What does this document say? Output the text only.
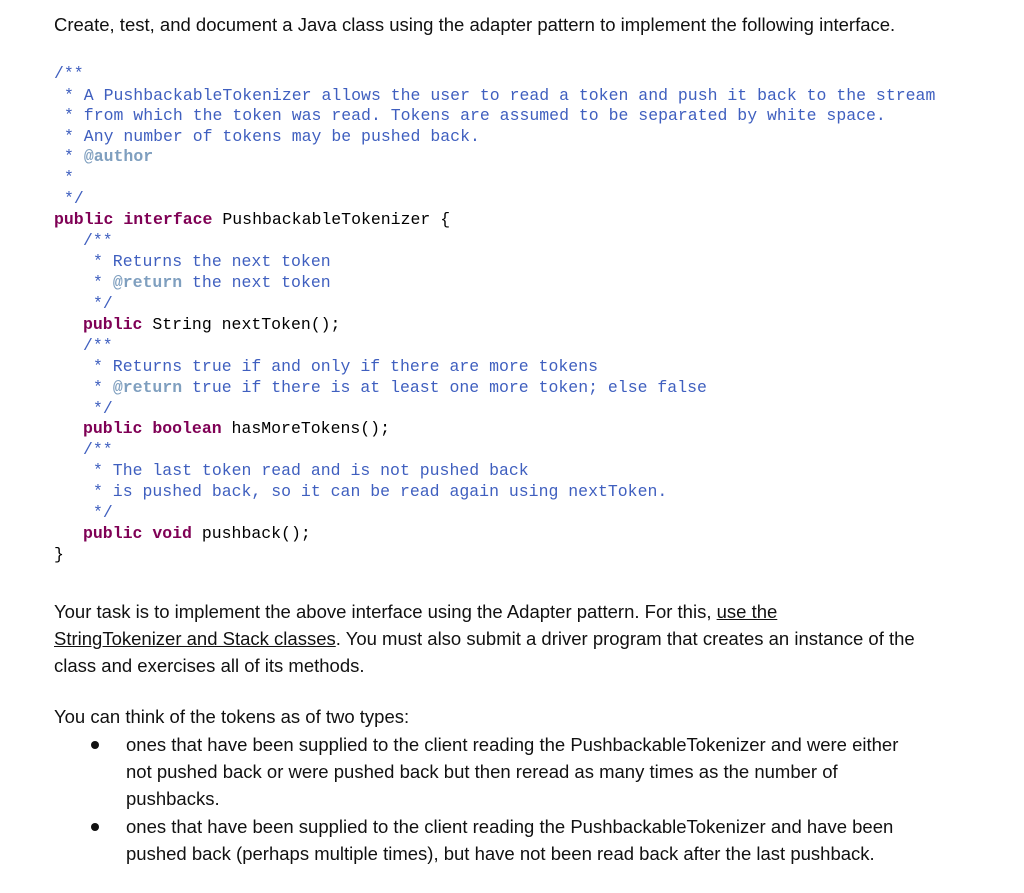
Create, test, and document a Java class using the adapter pattern to implement the following interface.
/**
* A PushbackableTokenizer allows the user to read a token and push it back to the stream
* from which the token was read. Tokens are assumed to be separated by white space.
* Any number of tokens may be pushed back.
* @author
*
*/
public interface PushbackableTokenizer {
/**
* Returns the next token
* @return the next token
*/
public String nextToken();
/**
* Returns true if and only if there are more tokens
* @return true if there is at least one more token; else false
*/
public boolean hasMoreTokens();
/**
* The last token read and is not pushed back
* is pushed back, so it can be read again using nextToken.
*/
public void pushback();
}
Your task is to implement the above interface using the Adapter pattern. For this, use the
StringTokenizer and Stack classes. You must also submit a driver program that creates an instance of the
class and exercises all of its methods.
You can think of the tokens as of two types:
ones that have been supplied to the client reading the PushbackableTokenizer and were either
not pushed back or were pushed back but then reread as many times as the number of
pushbacks.
ones that have been supplied to the client reading the PushbackableTokenizer and have been
pushed back (perhaps multiple times), but have not been read back after the last pushback.
